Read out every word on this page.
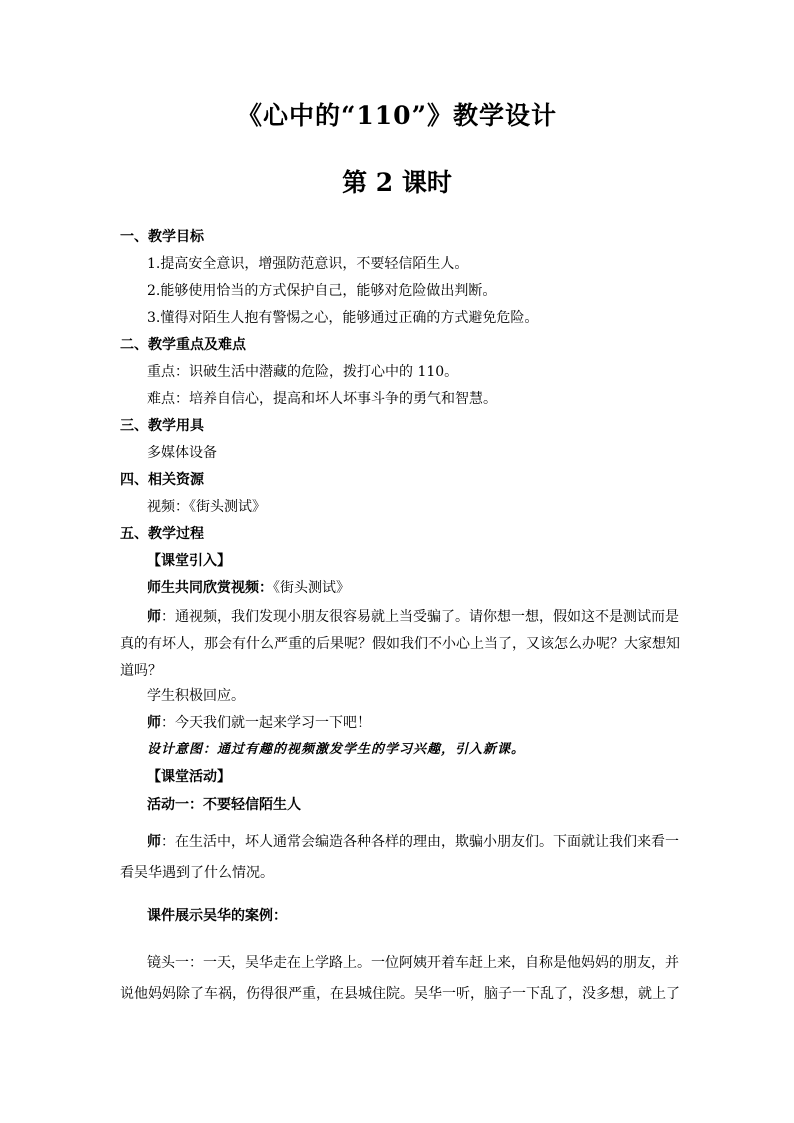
《心中的“110”》教学设计
第 2 课时
一、教学目标
1.提高安全意识，增强防范意识，不要轻信陌生人。
2.能够使用恰当的方式保护自己，能够对危险做出判断。
3.懂得对陌生人抱有警惕之心，能够通过正确的方式避免危险。
二、教学重点及难点
重点：识破生活中潜藏的危险，拨打心中的 110。
难点：培养自信心，提高和坏人坏事斗争的勇气和智慧。
三、教学用具
多媒体设备
四、相关资源
视频：《街头测试》
五、教学过程
【课堂引入】
师生共同欣赏视频：《街头测试》
师：通视频，我们发现小朋友很容易就上当受骗了。请你想一想，假如这不是测试而是真的有坏人，那会有什么严重的后果呢？假如我们不小心上当了，又该怎么办呢？大家想知道吗？
学生积极回应。
师：今天我们就一起来学习一下吧！
设计意图：通过有趣的视频激发学生的学习兴趣，引入新课。
【课堂活动】
活动一：不要轻信陌生人
师：在生活中，坏人通常会编造各种各样的理由，欺骗小朋友们。下面就让我们来看一看吴华遇到了什么情况。
课件展示吴华的案例：
镜头一：一天，吴华走在上学路上。一位阿姨开着车赶上来，自称是他妈妈的朋友，并说他妈妈除了车祸，伤得很严重，在县城住院。吴华一听，脑子一下乱了，没多想，就上了
